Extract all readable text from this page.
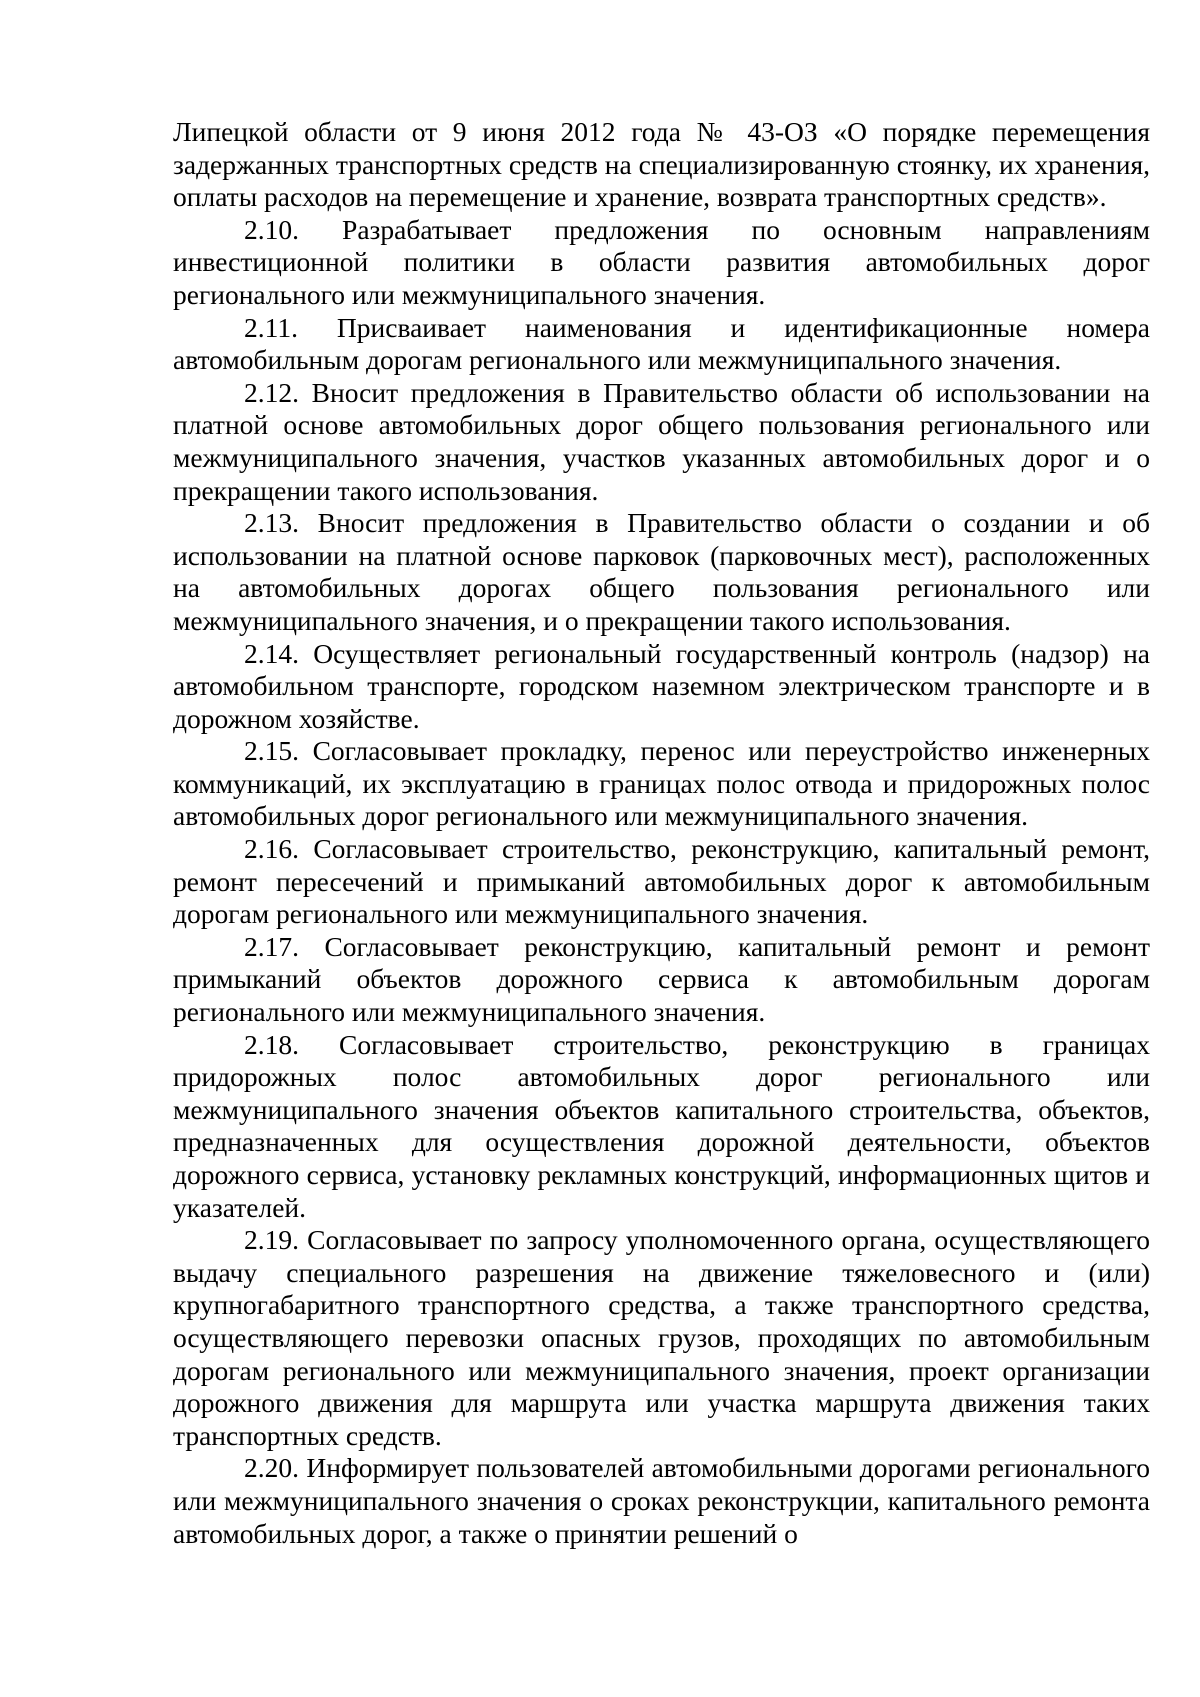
Липецкой области от 9 июня 2012 года № 43-ОЗ «О порядке перемещения задержанных транспортных средств на специализированную стоянку, их хранения, оплаты расходов на перемещение и хранение, возврата транспортных средств».

2.10. Разрабатывает предложения по основным направлениям инвестиционной политики в области развития автомобильных дорог регионального или межмуниципального значения.

2.11. Присваивает наименования и идентификационные номера автомобильным дорогам регионального или межмуниципального значения.

2.12. Вносит предложения в Правительство области об использовании на платной основе автомобильных дорог общего пользования регионального или межмуниципального значения, участков указанных автомобильных дорог и о прекращении такого использования.

2.13. Вносит предложения в Правительство области о создании и об использовании на платной основе парковок (парковочных мест), расположенных на автомобильных дорогах общего пользования регионального или межмуниципального значения, и о прекращении такого использования.

2.14. Осуществляет региональный государственный контроль (надзор) на автомобильном транспорте, городском наземном электрическом транспорте и в дорожном хозяйстве.

2.15. Согласовывает прокладку, перенос или переустройство инженерных коммуникаций, их эксплуатацию в границах полос отвода и придорожных полос автомобильных дорог регионального или межмуниципального значения.

2.16. Согласовывает строительство, реконструкцию, капитальный ремонт, ремонт пересечений и примыканий автомобильных дорог к автомобильным дорогам регионального или межмуниципального значения.

2.17. Согласовывает реконструкцию, капитальный ремонт и ремонт примыканий объектов дорожного сервиса к автомобильным дорогам регионального или межмуниципального значения.

2.18. Согласовывает строительство, реконструкцию в границах придорожных полос автомобильных дорог регионального или межмуниципального значения объектов капитального строительства, объектов, предназначенных для осуществления дорожной деятельности, объектов дорожного сервиса, установку рекламных конструкций, информационных щитов и указателей.

2.19. Согласовывает по запросу уполномоченного органа, осуществляющего выдачу специального разрешения на движение тяжеловесного и (или) крупногабаритного транспортного средства, а также транспортного средства, осуществляющего перевозки опасных грузов, проходящих по автомобильным дорогам регионального или межмуниципального значения, проект организации дорожного движения для маршрута или участка маршрута движения таких транспортных средств.

2.20. Информирует пользователей автомобильными дорогами регионального или межмуниципального значения о сроках реконструкции, капитального ремонта автомобильных дорог, а также о принятии решений о
